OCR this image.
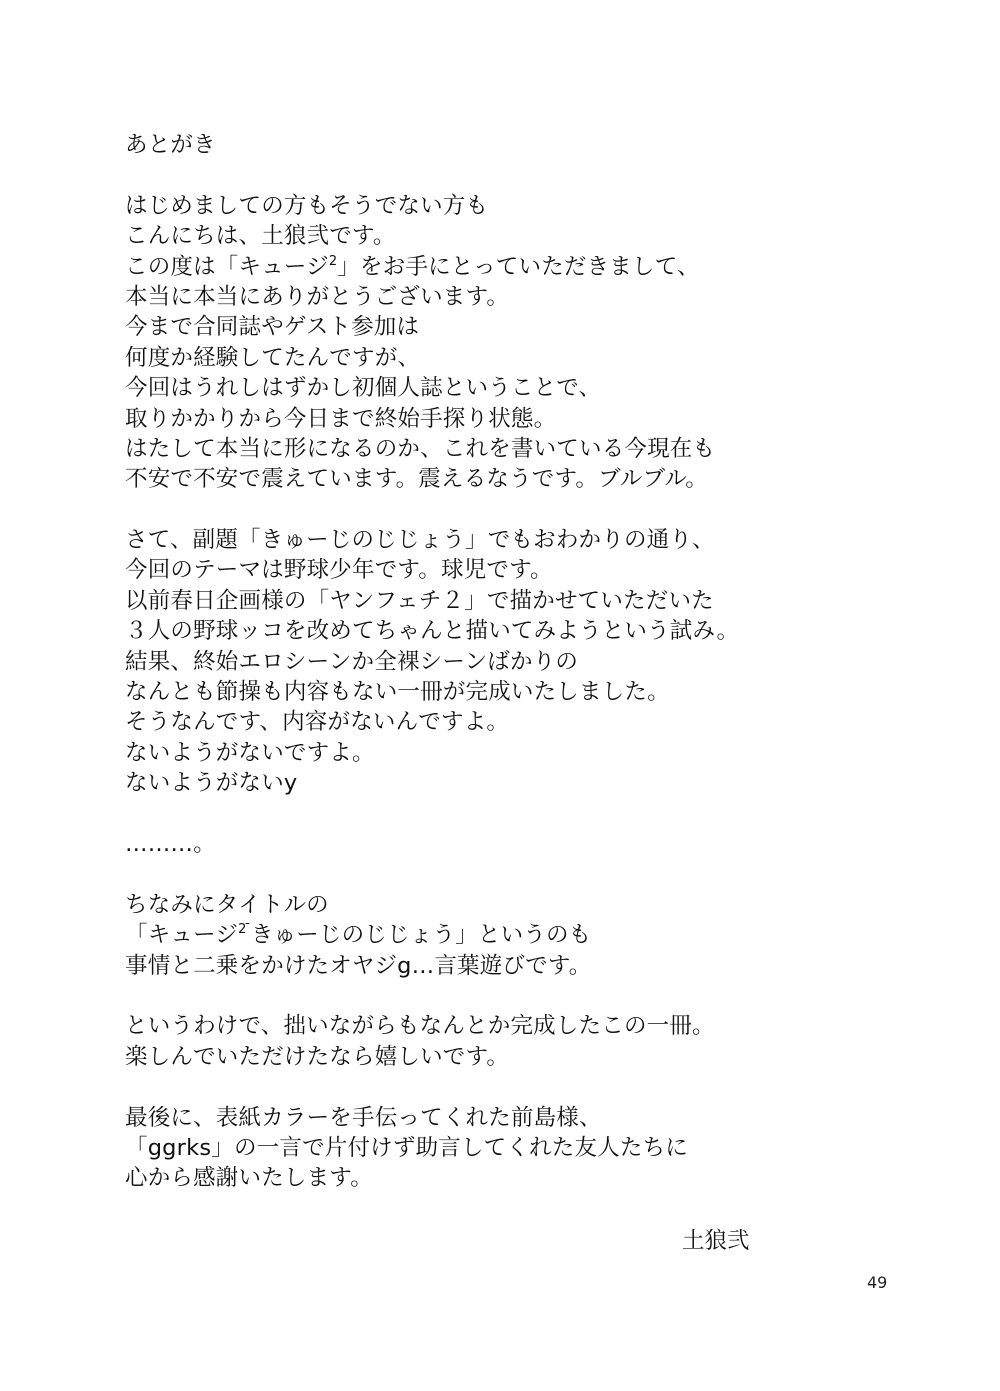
あとがき
はじめましての方もそうでない方も
こんにちは、土狼弐です。
この度は「キュージ$^2$」をお手にとっていただきまして、
本当に本当にありがとうございます。
今まで合同誌やゲスト参加は
何度か経験してたんですが、
今回はうれしはずかし初個人誌ということで、
取りかかりから今日まで終始手探り状態。
はたして本当に形になるのか、これを書いている今現在も
不安で不安で震えています。震えるなうです。ブルブル。
さて、副題「きゅーじのじじょう」でもおわかりの通り、
今回のテーマは野球少年です。球児です。
以前春日企画様の「ヤンフェチ２」で描かせていただいた
３人の野球ッコを改めてちゃんと描いてみようという試み。
結果、終始エロシーンか全裸シーンばかりの
なんとも節操も内容もない一冊が完成いたしました。
そうなんです、内容がないんですよ。
ないようがないですよ。
ないようがないy
………。
ちなみにタイトルの
「キュージ$^{2 ̄}$きゅーじのじじょう」というのも
事情と二乗をかけたオヤジg…言葉遊びです。
というわけで、拙いながらもなんとか完成したこの一冊。
楽しんでいただけたなら嬉しいです。
最後に、表紙カラーを手伝ってくれた前島様、
「ggrks」の一言で片付けず助言してくれた友人たちに
心から感謝いたします。
土狼弐
49
